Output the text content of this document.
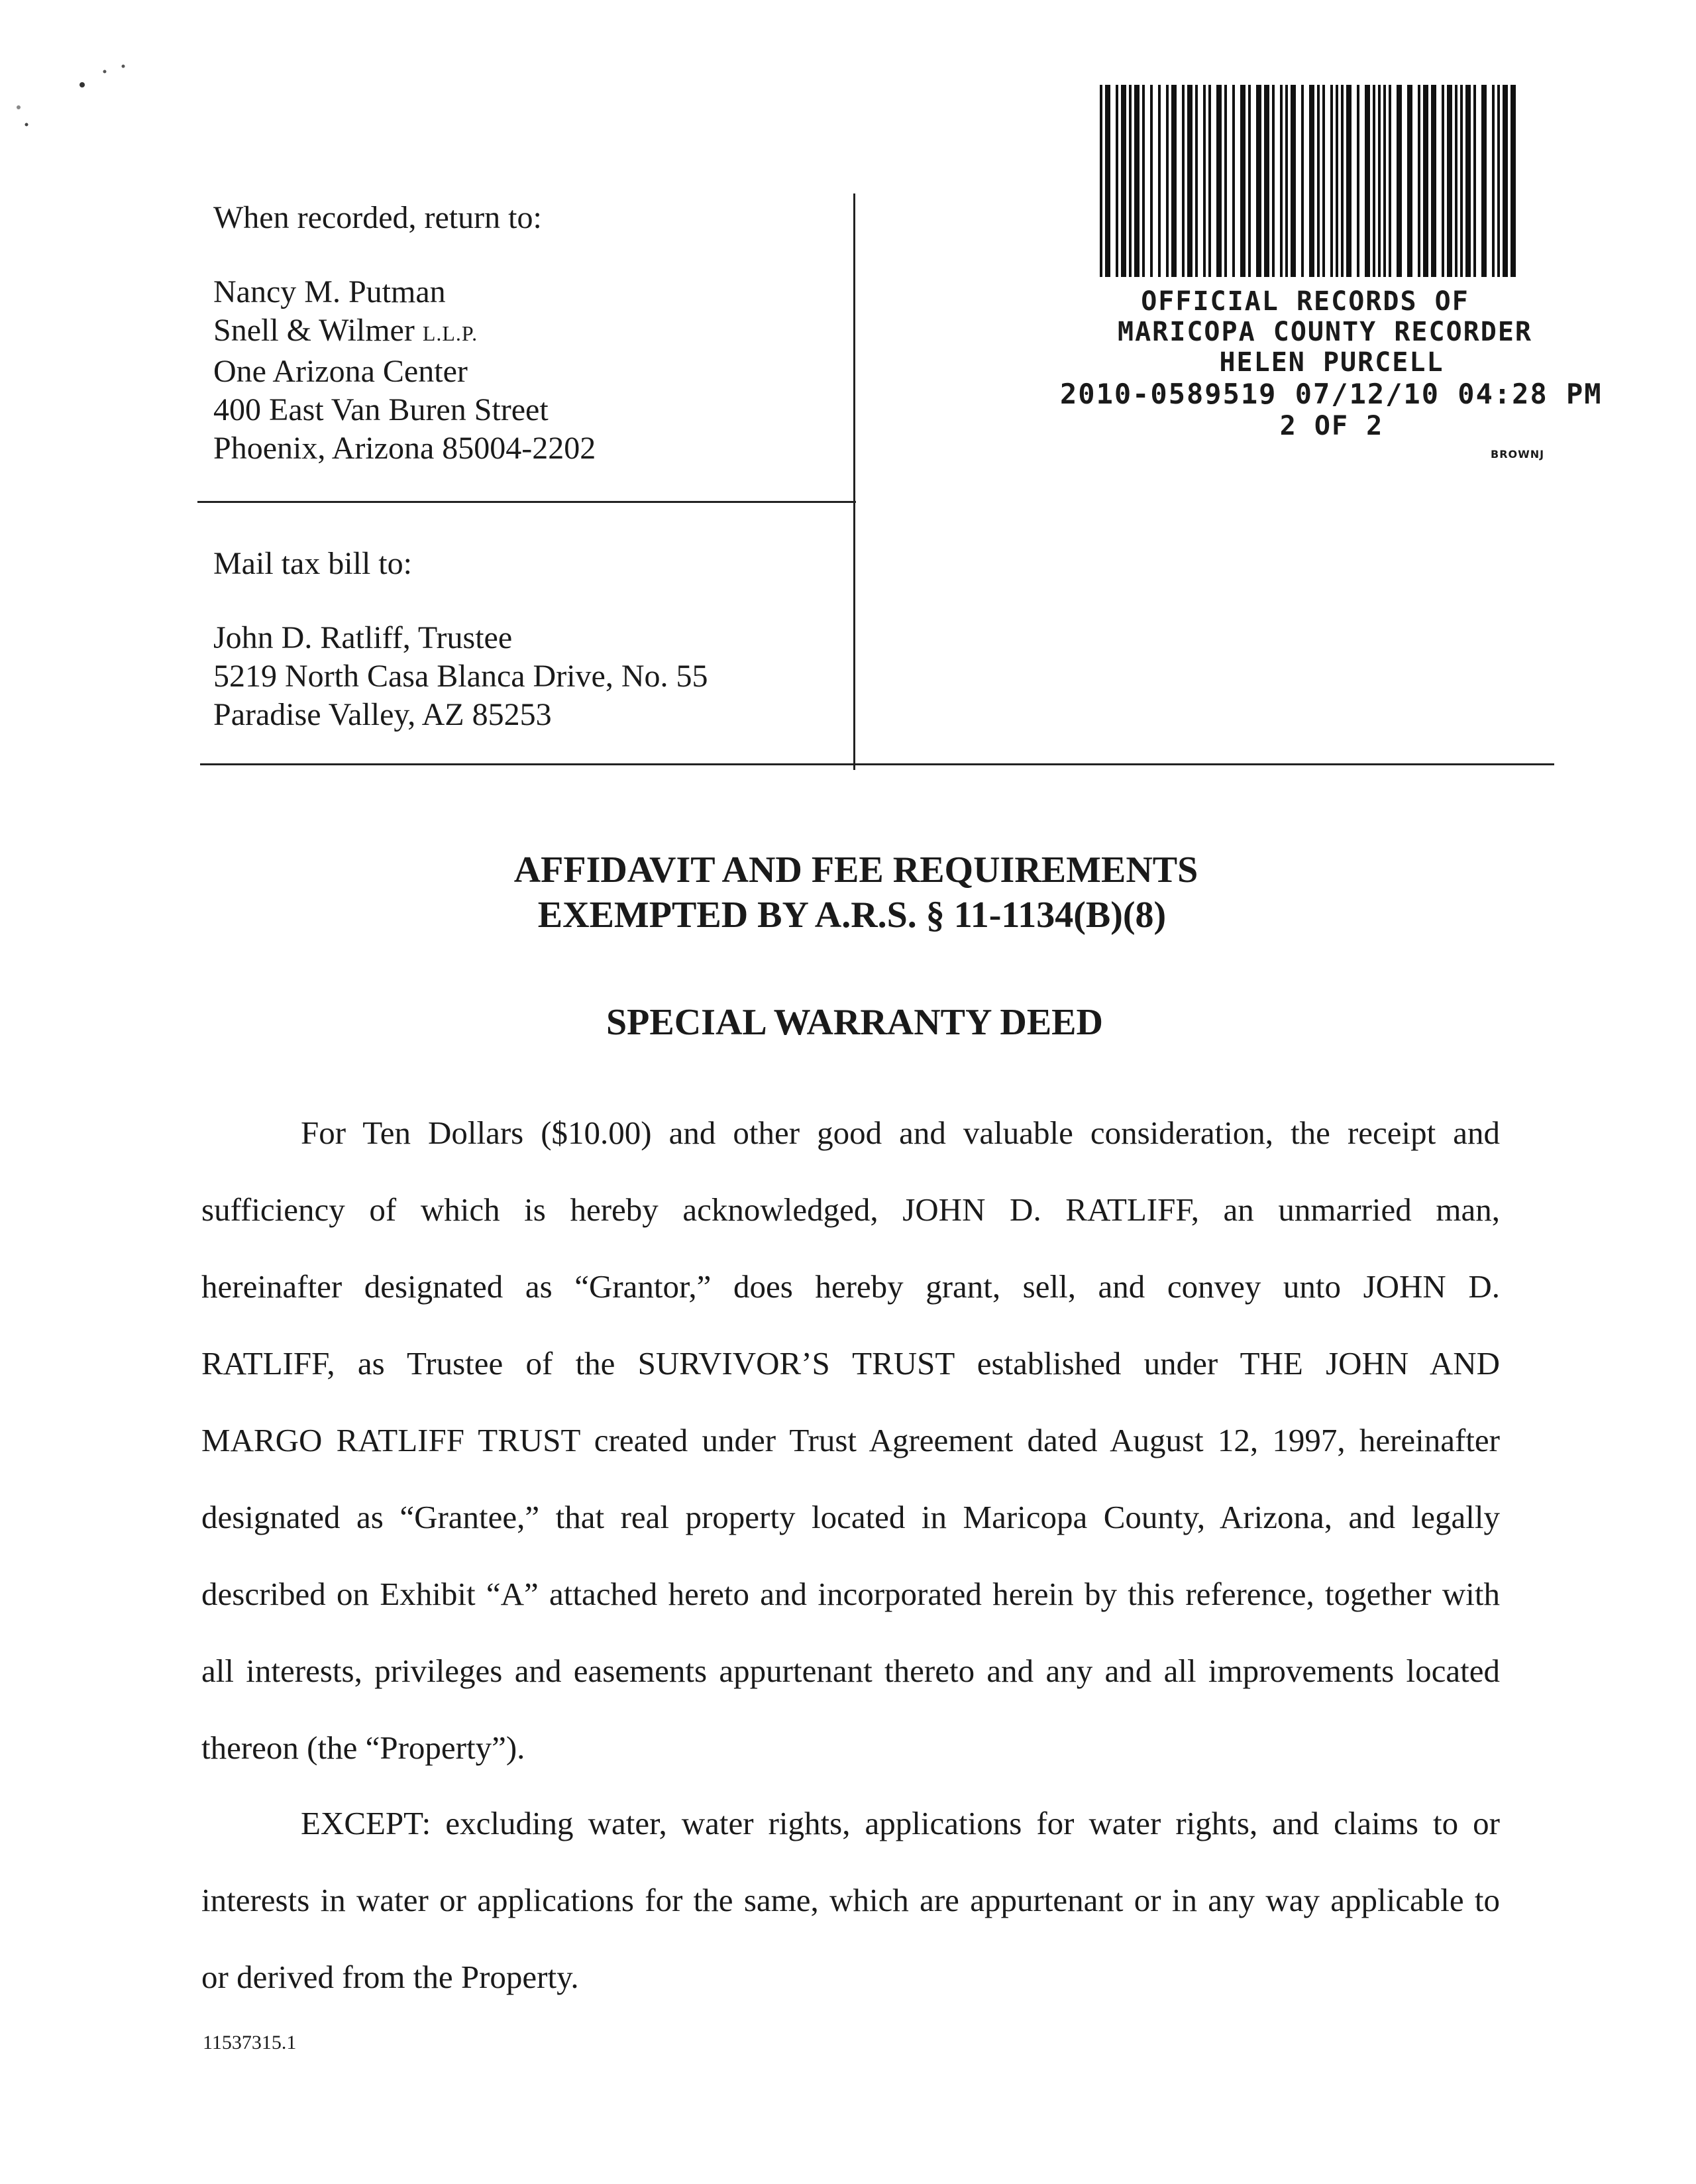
When recorded, return to:
Nancy M. Putman
Snell & Wilmer L.L.P.
One Arizona Center
400 East Van Buren Street
Phoenix, Arizona 85004-2202
Mail tax bill to:
John D. Ratliff, Trustee
5219 North Casa Blanca Drive, No. 55
Paradise Valley, AZ 85253
OFFICIAL RECORDS OF
MARICOPA COUNTY RECORDER
HELEN PURCELL
2010-0589519 07/12/10 04:28 PM
2 OF 2
BROWNJ
AFFIDAVIT AND FEE REQUIREMENTS
EXEMPTED BY A.R.S. § 11-1134(B)(8)
SPECIAL WARRANTY DEED
For Ten Dollars ($10.00) and other good and valuable consideration, the receipt and
sufficiency of which is hereby acknowledged, JOHN D. RATLIFF, an unmarried man,
hereinafter designated as “Grantor,” does hereby grant, sell, and convey unto JOHN D.
RATLIFF, as Trustee of the SURVIVOR’S TRUST established under THE JOHN AND
MARGO RATLIFF TRUST created under Trust Agreement dated August 12, 1997, hereinafter
designated as “Grantee,” that real property located in Maricopa County, Arizona, and legally
described on Exhibit “A” attached hereto and incorporated herein by this reference, together with
all interests, privileges and easements appurtenant thereto and any and all improvements located
thereon (the “Property”).
EXCEPT: excluding water, water rights, applications for water rights, and claims to or
interests in water or applications for the same, which are appurtenant or in any way applicable to
or derived from the Property.
11537315.1
